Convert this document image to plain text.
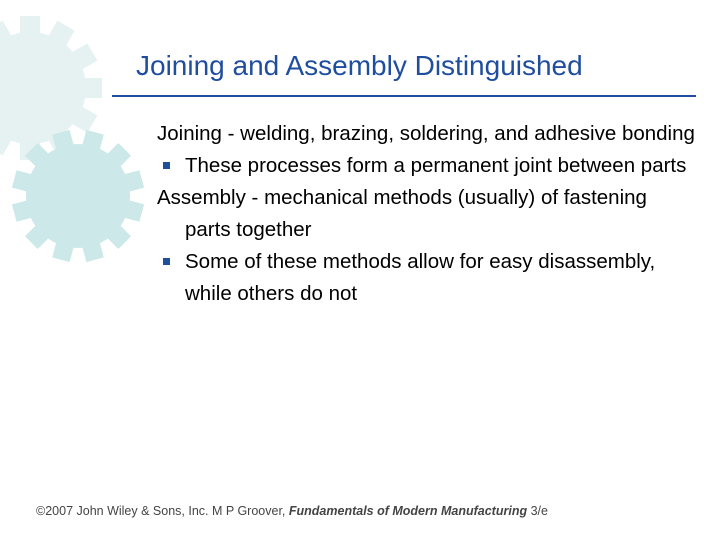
Joining and Assembly Distinguished

Joining - welding, brazing, soldering, and adhesive bonding

These processes form a permanent joint between parts

Assembly - mechanical methods (usually) of fastening parts together

Some of these methods allow for easy disassembly, while others do not

©2007 John Wiley & Sons, Inc. M P Groover, Fundamentals of Modern Manufacturing 3/e
